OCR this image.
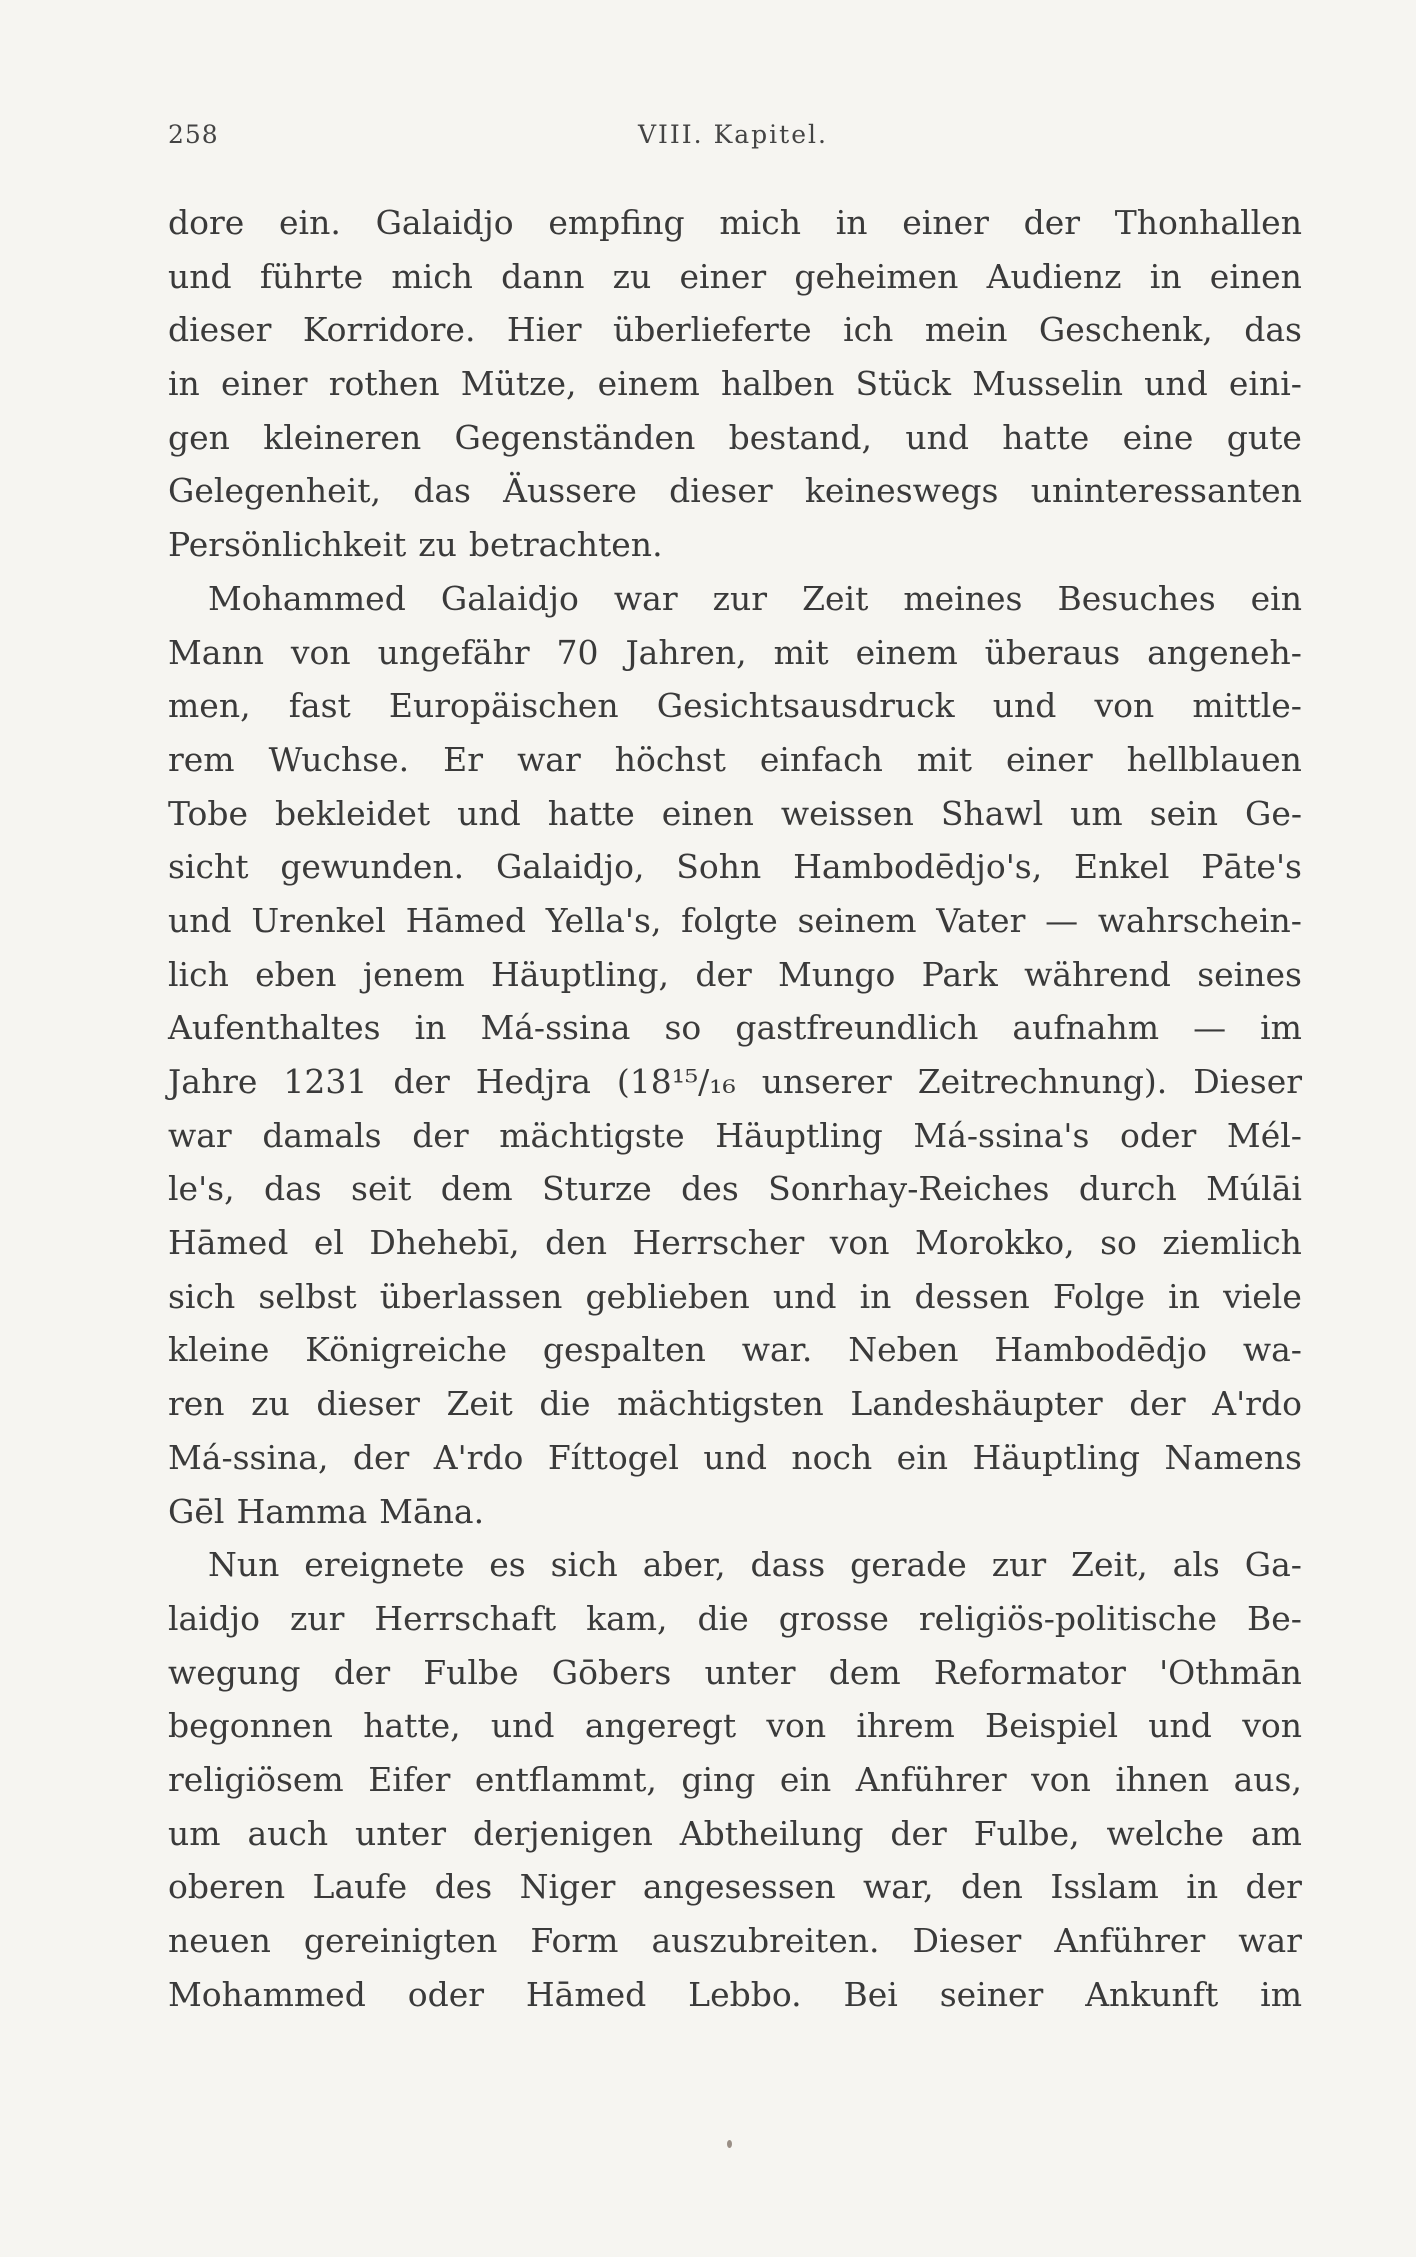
258	VIII. Kapitel.
dore ein. Galaidjo empfing mich in einer der Thonhallen
und führte mich dann zu einer geheimen Audienz in einen
dieser Korridore. Hier überlieferte ich mein Geschenk, das
in einer rothen Mütze, einem halben Stück Musselin und eini-
gen kleineren Gegenständen bestand, und hatte eine gute
Gelegenheit, das Äussere dieser keineswegs uninteressanten
Persönlichkeit zu betrachten.
Mohammed Galaidjo war zur Zeit meines Besuches ein
Mann von ungefähr 70 Jahren, mit einem überaus angeneh-
men, fast Europäischen Gesichtsausdruck und von mittle-
rem Wuchse. Er war höchst einfach mit einer hellblauen
Tobe bekleidet und hatte einen weissen Shawl um sein Ge-
sicht gewunden. Galaidjo, Sohn Hambodēdjo's, Enkel Pāte's
und Urenkel Hāmed Yella's, folgte seinem Vater — wahrschein-
lich eben jenem Häuptling, der Mungo Park während seines
Aufenthaltes in Má-ssina so gastfreundlich aufnahm — im
Jahre 1231 der Hedjra (18¹⁵/₁₆ unserer Zeitrechnung). Dieser
war damals der mächtigste Häuptling Má-ssina's oder Mél-
le's, das seit dem Sturze des Sonrhay-Reiches durch Múlāi
Hāmed el Dhehebī, den Herrscher von Morokko, so ziemlich
sich selbst überlassen geblieben und in dessen Folge in viele
kleine Königreiche gespalten war. Neben Hambodēdjo wa-
ren zu dieser Zeit die mächtigsten Landeshäupter der A'rdo
Má-ssina, der A'rdo Fíttogel und noch ein Häuptling Namens
Gēl Hamma Māna.
Nun ereignete es sich aber, dass gerade zur Zeit, als Ga-
laidjo zur Herrschaft kam, die grosse religiös-politische Be-
wegung der Fulbe Gōbers unter dem Reformator 'Othmān
begonnen hatte, und angeregt von ihrem Beispiel und von
religiösem Eifer entflammt, ging ein Anführer von ihnen aus,
um auch unter derjenigen Abtheilung der Fulbe, welche am
oberen Laufe des Niger angesessen war, den Isslam in der
neuen gereinigten Form auszubreiten. Dieser Anführer war
Mohammed oder Hāmed Lebbo. Bei seiner Ankunft im
